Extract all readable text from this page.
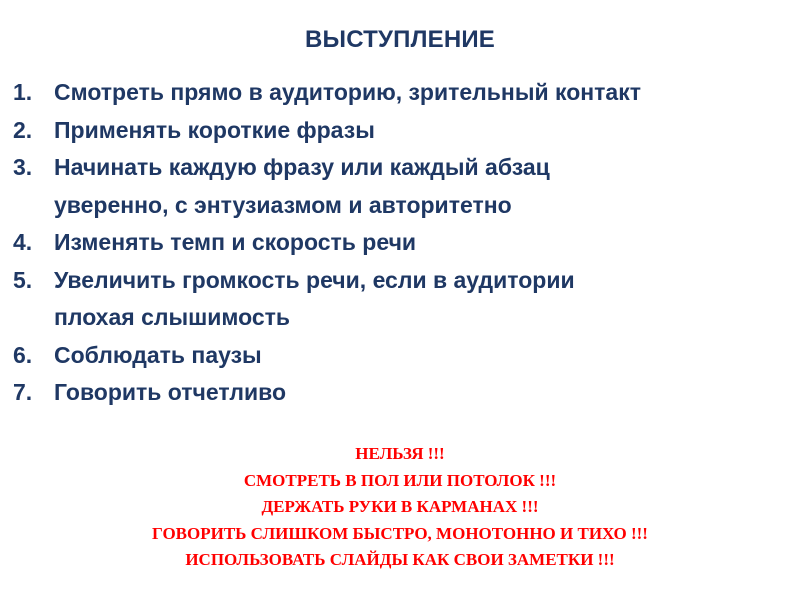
ВЫСТУПЛЕНИЕ
1. Смотреть прямо в аудиторию, зрительный контакт
2. Применять короткие фразы
3. Начинать каждую фразу или каждый абзац
уверенно, с энтузиазмом и авторитетно
4. Изменять темп и скорость речи
5. Увеличить громкость речи, если в аудитории
плохая слышимость
6. Соблюдать паузы
7. Говорить отчетливо
НЕЛЬЗЯ !!!
СМОТРЕТЬ В ПОЛ ИЛИ ПОТОЛОК !!!
ДЕРЖАТЬ РУКИ В КАРМАНАХ !!!
ГОВОРИТЬ СЛИШКОМ БЫСТРО, МОНОТОННО И ТИХО !!!
ИСПОЛЬЗОВАТЬ СЛАЙДЫ КАК СВОИ ЗАМЕТКИ !!!
